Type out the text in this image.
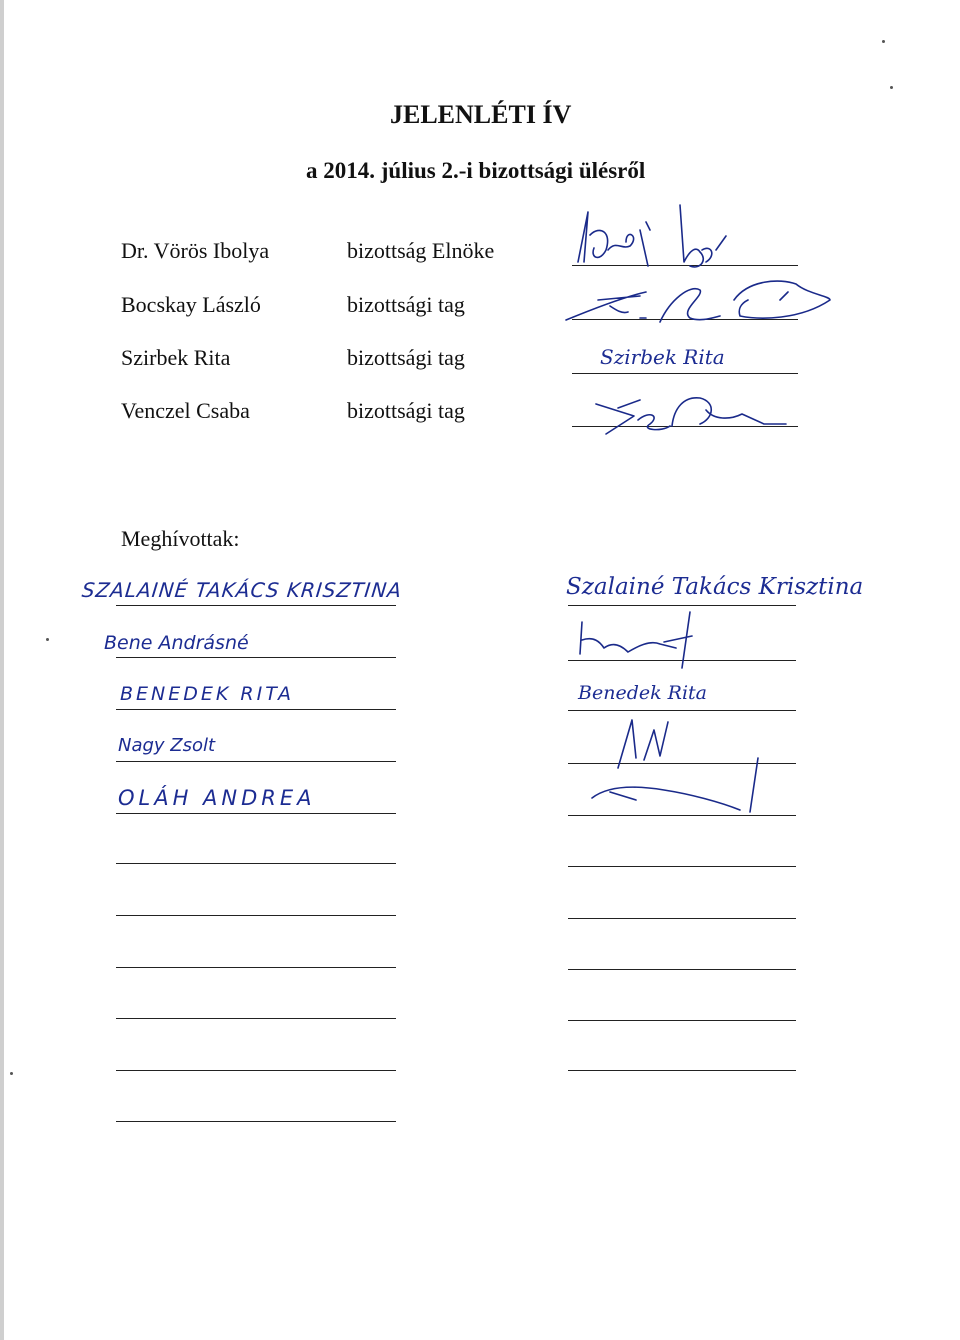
JELENLÉTI ÍV
a 2014. július 2.-i bizottsági ülésről
Dr. Vörös Ibolya	bizottság Elnöke
Bocskay László	bizottsági tag
Szirbek Rita	bizottsági tag
Venczel Csaba	bizottsági tag
Meghívottak:
SZALAINÉ TAKÁCS KRISZTINA
Bene Andrásné
BENEDEK RITA
Nagy Zsolt
OLÁH ANDREA
Szalainé Takács Krisztina
Benedek Rita
Szirbek Rita
